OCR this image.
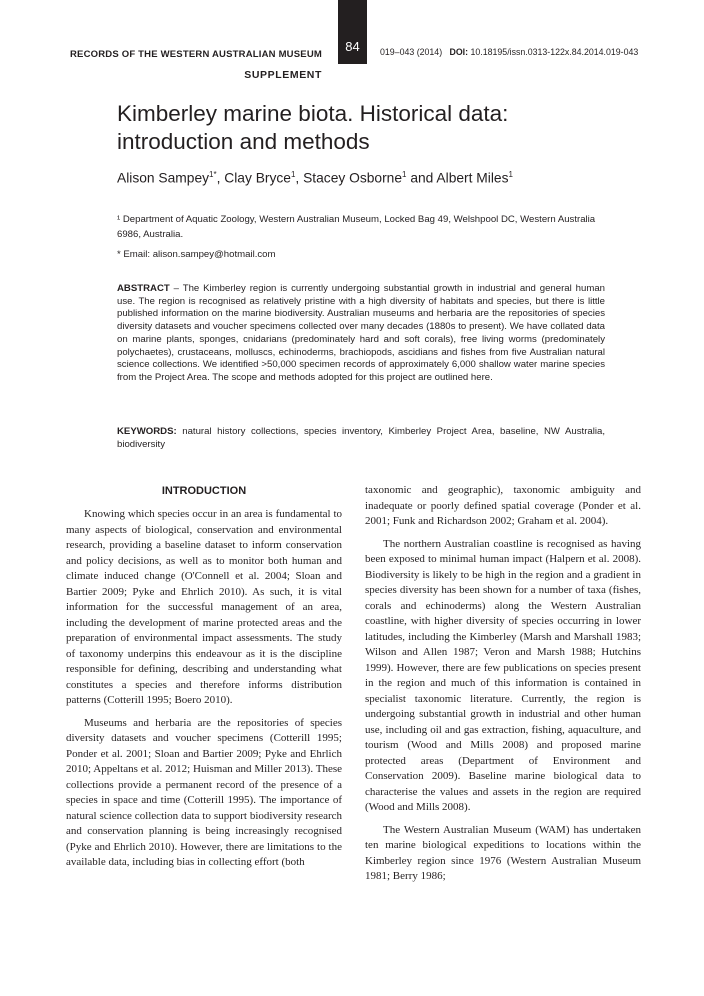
RECORDS OF THE WESTERN AUSTRALIAN MUSEUM
SUPPLEMENT
84 019–043 (2014) DOI: 10.18195/issn.0313-122x.84.2014.019-043
Kimberley marine biota. Historical data: introduction and methods
Alison Sampey$^{1*}$, Clay Bryce$^1$, Stacey Osborne$^1$ and Albert Miles$^1$
¹ Department of Aquatic Zoology, Western Australian Museum, Locked Bag 49, Welshpool DC, Western Australia 6986, Australia.
* Email: alison.sampey@hotmail.com
ABSTRACT – The Kimberley region is currently undergoing substantial growth in industrial and general human use. The region is recognised as relatively pristine with a high diversity of habitats and species, but there is little published information on the marine biodiversity. Australian museums and herbaria are the repositories of species diversity datasets and voucher specimens collected over many decades (1880s to present). We have collated data on marine plants, sponges, cnidarians (predominately hard and soft corals), free living worms (predominately polychaetes), crustaceans, molluscs, echinoderms, brachiopods, ascidians and fishes from five Australian natural science collections. We identified >50,000 specimen records of approximately 6,000 shallow water marine species from the Project Area. The scope and methods adopted for this project are outlined here.
KEYWORDS: natural history collections, species inventory, Kimberley Project Area, baseline, NW Australia, biodiversity
INTRODUCTION

Knowing which species occur in an area is fundamental to many aspects of biological, conservation and environmental research, providing a baseline dataset to inform conservation and policy decisions, as well as to monitor both human and climate induced change (O'Connell et al. 2004; Sloan and Bartier 2009; Pyke and Ehrlich 2010). As such, it is vital information for the successful management of an area, including the development of marine protected areas and the preparation of environmental impact assessments. The study of taxonomy underpins this endeavour as it is the discipline responsible for defining, describing and understanding what constitutes a species and therefore informs distribution patterns (Cotterill 1995; Boero 2010).

Museums and herbaria are the repositories of species diversity datasets and voucher specimens (Cotterill 1995; Ponder et al. 2001; Sloan and Bartier 2009; Pyke and Ehrlich 2010; Appeltans et al. 2012; Huisman and Miller 2013). These collections provide a permanent record of the presence of a species in space and time (Cotterill 1995). The importance of natural science collection data to support biodiversity research and conservation planning is being increasingly recognised (Pyke and Ehrlich 2010). However, there are limitations to the available data, including bias in collecting effort (both

taxonomic and geographic), taxonomic ambiguity and inadequate or poorly defined spatial coverage (Ponder et al. 2001; Funk and Richardson 2002; Graham et al. 2004).

The northern Australian coastline is recognised as having been exposed to minimal human impact (Halpern et al. 2008). Biodiversity is likely to be high in the region and a gradient in species diversity has been shown for a number of taxa (fishes, corals and echinoderms) along the Western Australian coastline, with higher diversity of species occurring in lower latitudes, including the Kimberley (Marsh and Marshall 1983; Wilson and Allen 1987; Veron and Marsh 1988; Hutchins 1999). However, there are few publications on species present in the region and much of this information is contained in specialist taxonomic literature. Currently, the region is undergoing substantial growth in industrial and other human use, including oil and gas extraction, fishing, aquaculture, and tourism (Wood and Mills 2008) and proposed marine protected areas (Department of Environment and Conservation 2009). Baseline marine biological data to characterise the values and assets in the region are required (Wood and Mills 2008).

The Western Australian Museum (WAM) has undertaken ten marine biological expeditions to locations within the Kimberley region since 1976 (Western Australian Museum 1981; Berry 1986;
